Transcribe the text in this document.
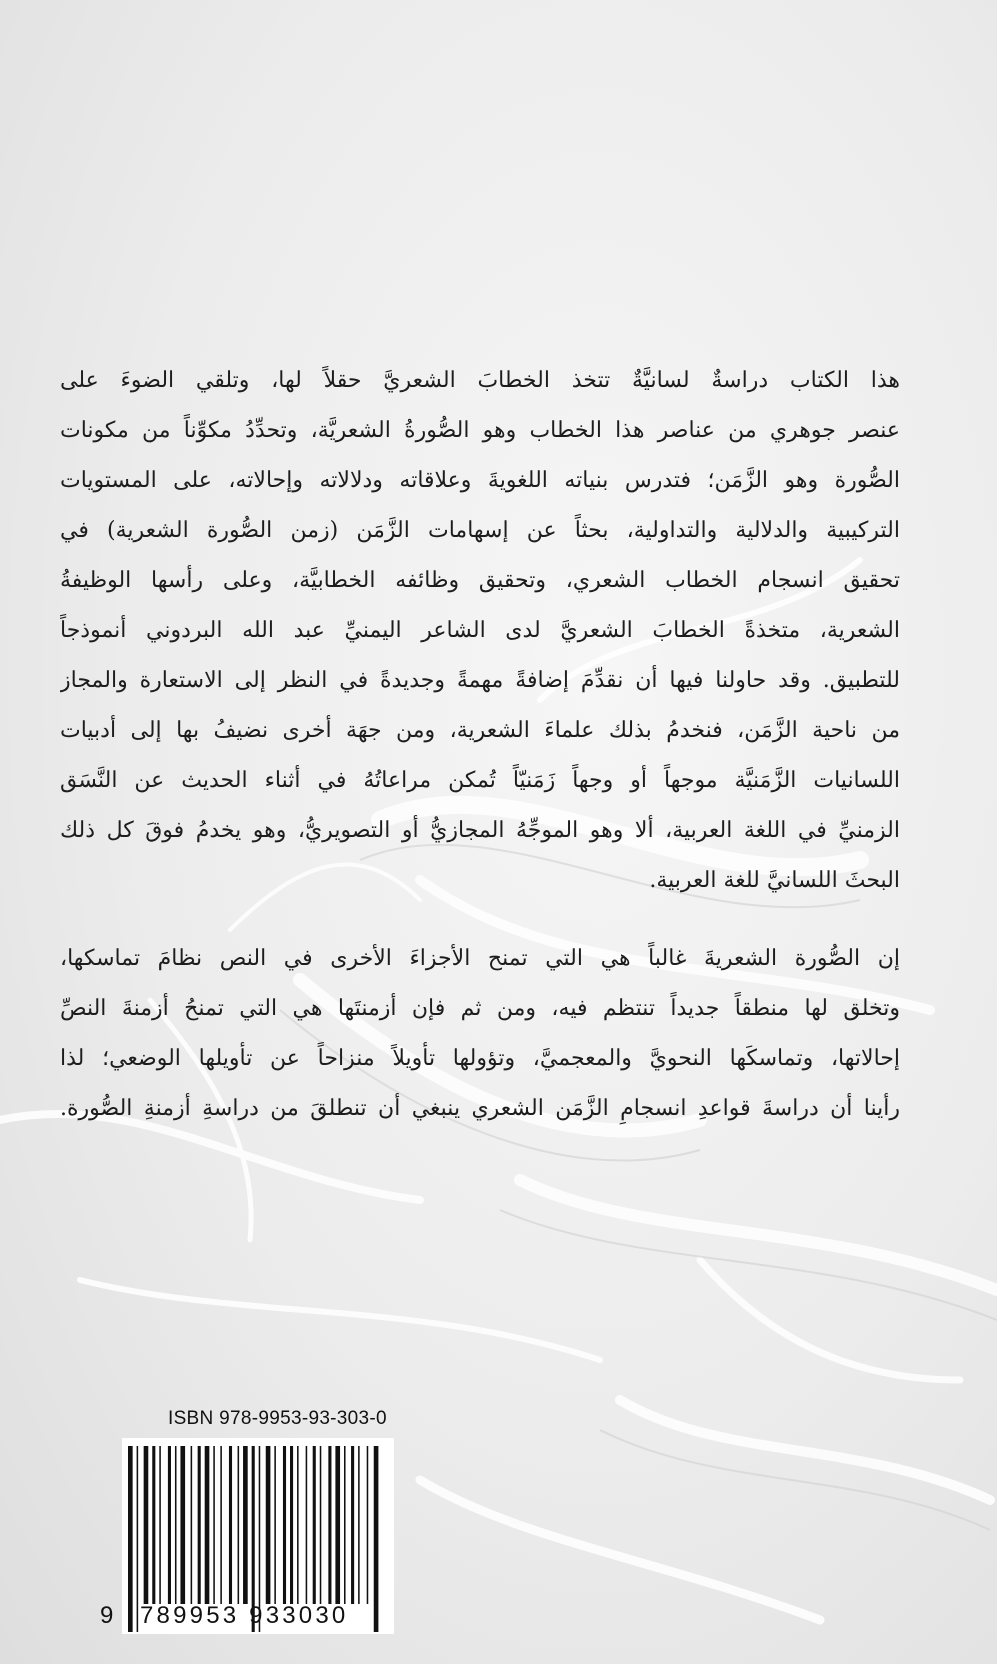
هذا الكتاب دراسةٌ لسانيَّةٌ تتخذ الخطابَ الشعريَّ حقلاً لها، وتلقي الضوءَ على
عنصر جوهري من عناصر هذا الخطاب وهو الصُّورةُ الشعريَّة، وتحدِّدُ مكوِّناً من مكونات
الصُّورة وهو الزَّمَن؛ فتدرس بنياته اللغويةَ وعلاقاته ودلالاته وإحالاته، على المستويات
التركيبية والدلالية والتداولية، بحثاً عن إسهامات الزَّمَن (زمن الصُّورة الشعرية) في
تحقيق انسجام الخطاب الشعري، وتحقيق وظائفه الخطابيَّة، وعلى رأسها الوظيفةُ
الشعرية، متخذةً الخطابَ الشعريَّ لدى الشاعر اليمنيِّ عبد الله البردوني أنموذجاً
للتطبيق. وقد حاولنا فيها أن نقدِّمَ إضافةً مهمةً وجديدةً في النظر إلى الاستعارة والمجاز
من ناحية الزَّمَن، فنخدمُ بذلك علماءَ الشعرية، ومن جهَة أخرى نضيفُ بها إلى أدبيات
اللسانيات الزَّمَنيَّة موجهاً أو وجهاً زَمَنيّاً تُمكن مراعاتُهُ في أثناء الحديث عن النَّسَق
الزمنيِّ في اللغة العربية، ألا وهو الموجِّهُ المجازيُّ أو التصويريُّ، وهو يخدمُ فوقَ كل ذلك
البحثَ اللسانيَّ للغة العربية.

إن الصُّورة الشعريةَ غالباً هي التي تمنح الأجزاءَ الأخرى في النص نظامَ تماسكها،
وتخلق لها منطقاً جديداً تنتظم فيه، ومن ثم فإن أزمنتَها هي التي تمنحُ أزمنةَ النصِّ
إحالاتها، وتماسكَها النحويَّ والمعجميَّ، وتؤولها تأويلاً منزاحاً عن تأويلها الوضعي؛ لذا
رأينا أن دراسةَ قواعدِ انسجامِ الزَّمَن الشعري ينبغي أن تنطلقَ من دراسةِ أزمنةِ الصُّورة.

ISBN 978-9953-93-303-0
9 789953 933030
